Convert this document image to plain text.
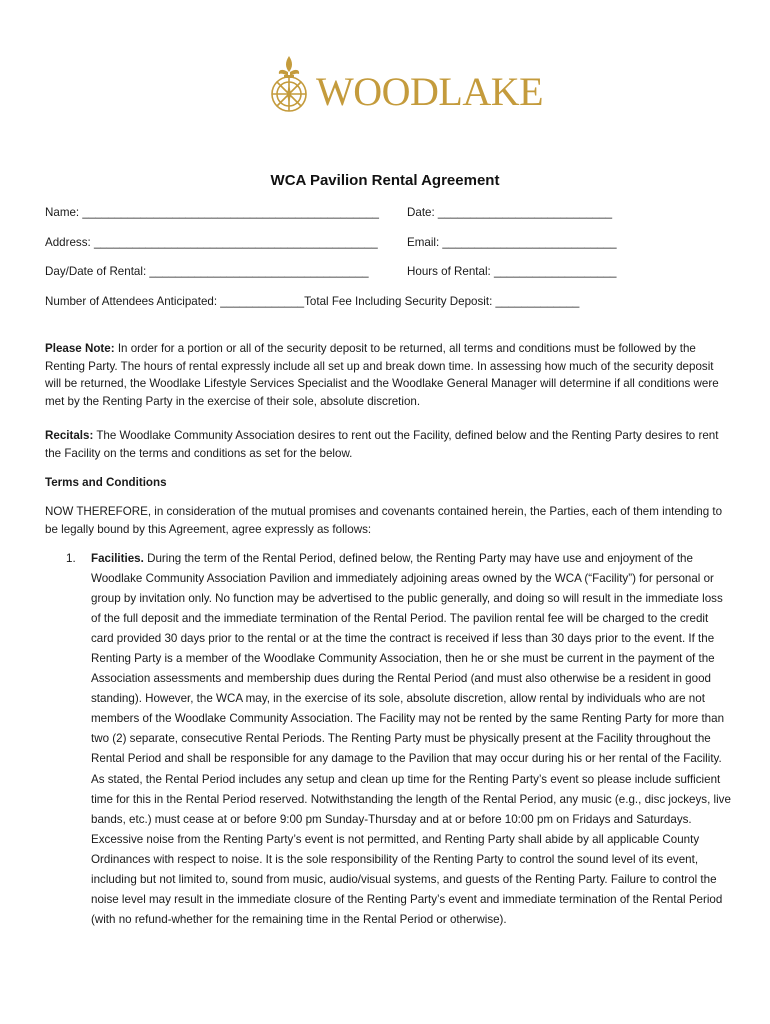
WOODLAKE
WCA Pavilion Rental Agreement
Name: ______________________________________________ Date: ___________________________
Address: ____________________________________________	Email: ___________________________
Day/Date of Rental: __________________________________	Hours of Rental: ___________________
Number of Attendees Anticipated: _____________Total Fee Including Security Deposit: _____________
Please Note: In order for a portion or all of the security deposit to be returned, all terms and conditions must be followed by the Renting Party. The hours of rental expressly include all set up and break down time. In assessing how much of the security deposit will be returned, the Woodlake Lifestyle Services Specialist and the Woodlake General Manager will determine if all conditions were met by the Renting Party in the exercise of their sole, absolute discretion.
Recitals: The Woodlake Community Association desires to rent out the Facility, defined below and the Renting Party desires to rent the Facility on the terms and conditions as set for the below.
Terms and Conditions
NOW THEREFORE, in consideration of the mutual promises and covenants contained herein, the Parties, each of them intending to be legally bound by this Agreement, agree expressly as follows:
1. Facilities. During the term of the Rental Period, defined below, the Renting Party may have use and enjoyment of the Woodlake Community Association Pavilion and immediately adjoining areas owned by the WCA (“Facility”) for personal or group by invitation only. No function may be advertised to the public generally, and doing so will result in the immediate loss of the full deposit and the immediate termination of the Rental Period. The pavilion rental fee will be charged to the credit card provided 30 days prior to the rental or at the time the contract is received if less than 30 days prior to the event. If the Renting Party is a member of the Woodlake Community Association, then he or she must be current in the payment of the Association assessments and membership dues during the Rental Period (and must also otherwise be a resident in good standing). However, the WCA may, in the exercise of its sole, absolute discretion, allow rental by individuals who are not members of the Woodlake Community Association. The Facility may not be rented by the same Renting Party for more than two (2) separate, consecutive Rental Periods. The Renting Party must be physically present at the Facility throughout the Rental Period and shall be responsible for any damage to the Pavilion that may occur during his or her rental of the Facility. As stated, the Rental Period includes any setup and clean up time for the Renting Party’s event so please include sufficient time for this in the Rental Period reserved. Notwithstanding the length of the Rental Period, any music (e.g., disc jockeys, live bands, etc.) must cease at or before 9:00 pm Sunday-Thursday and at or before 10:00 pm on Fridays and Saturdays. Excessive noise from the Renting Party’s event is not permitted, and Renting Party shall abide by all applicable County Ordinances with respect to noise. It is the sole responsibility of the Renting Party to control the sound level of its event, including but not limited to, sound from music, audio/visual systems, and guests of the Renting Party. Failure to control the noise level may result in the immediate closure of the Renting Party’s event and immediate termination of the Rental Period (with no refund-whether for the remaining time in the Rental Period or otherwise).
